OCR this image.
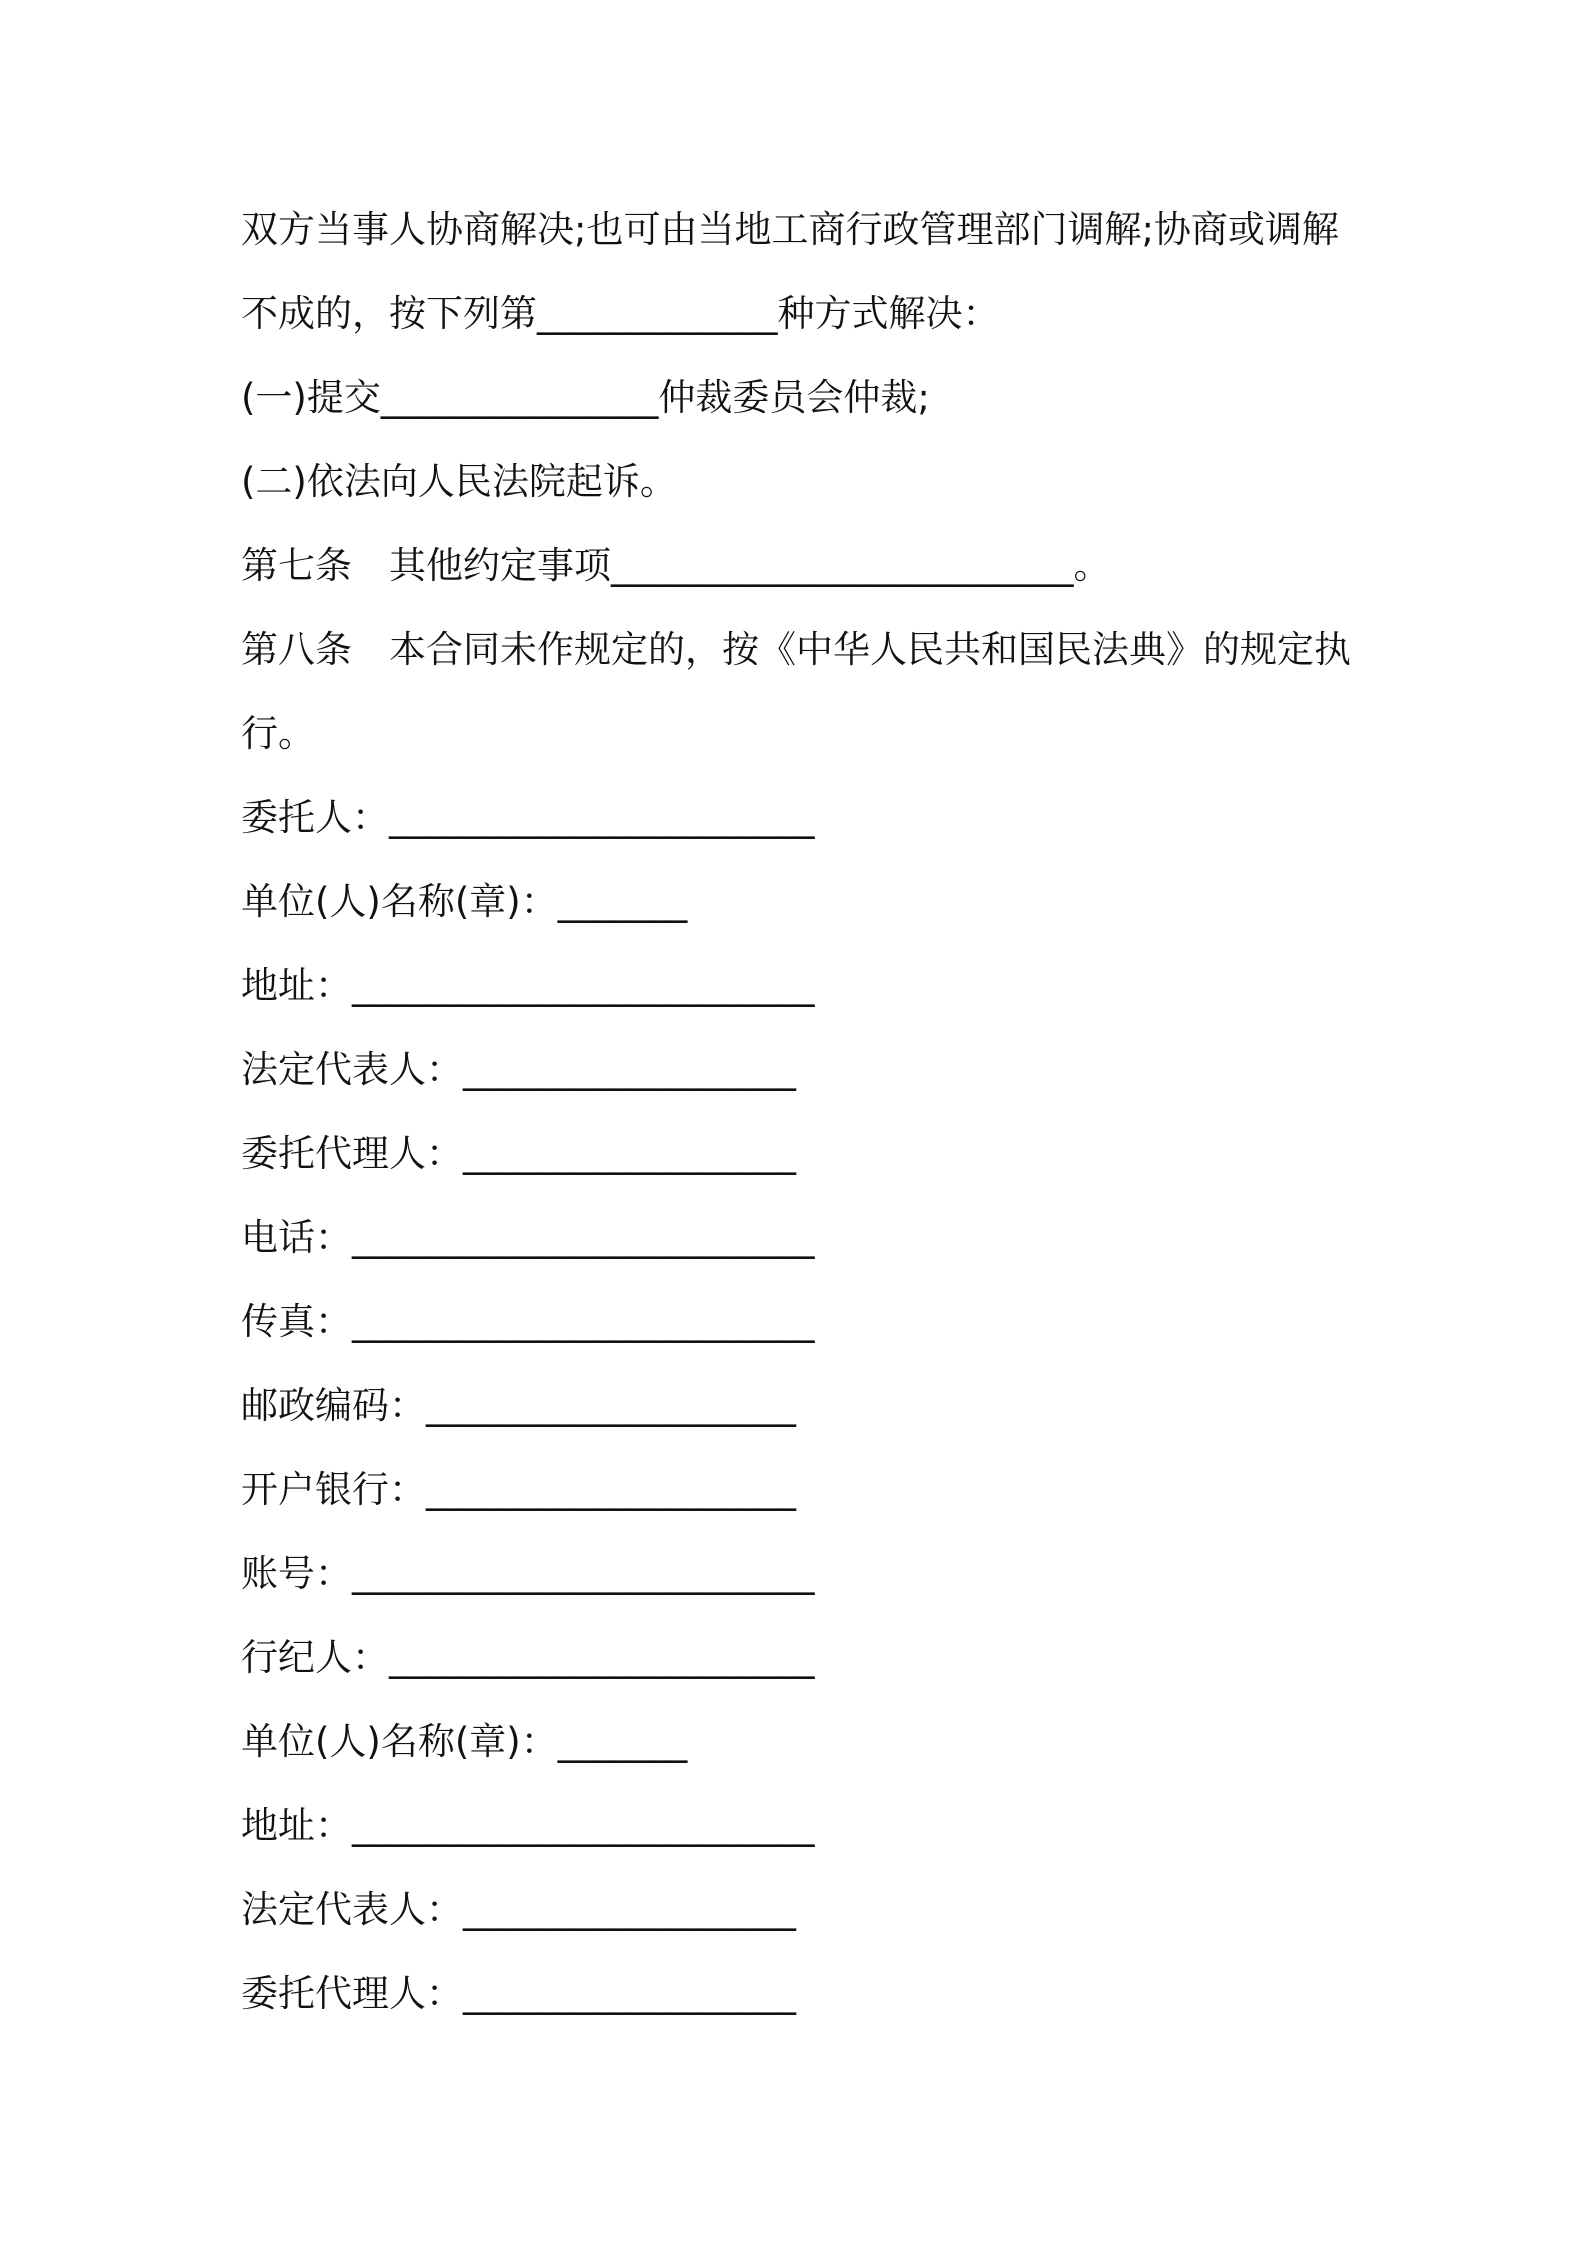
双方当事人协商解决;也可由当地工商行政管理部门调解;协商或调解
不成的，按下列第_____________种方式解决：
(一)提交_______________仲裁委员会仲裁;
(二)依法向人民法院起诉。
第七条　其他约定事项_________________________。
第八条　本合同未作规定的，按《中华人民共和国民法典》的规定执
行。
委托人：_______________________
单位(人)名称(章)：_______
地址：_________________________
法定代表人：__________________
委托代理人：__________________
电话：_________________________
传真：_________________________
邮政编码：____________________
开户银行：____________________
账号：_________________________
行纪人：_______________________
单位(人)名称(章)：_______
地址：_________________________
法定代表人：__________________
委托代理人：__________________
